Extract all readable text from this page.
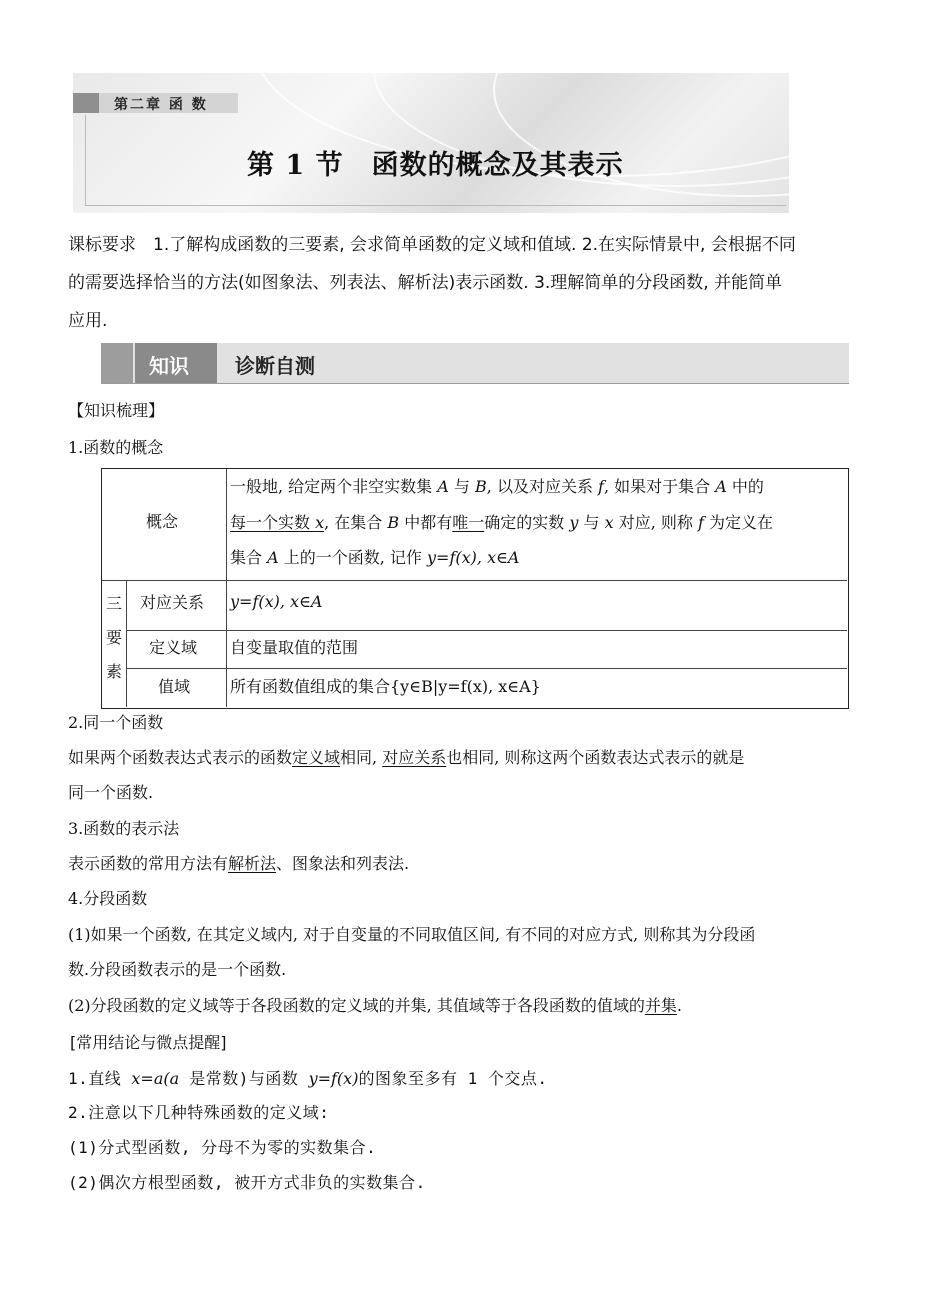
第二章 函 数
第 1 节　函数的概念及其表示

课标要求　1.了解构成函数的三要素, 会求简单函数的定义域和值域. 2.在实际情景中, 会根据不同

的需要选择恰当的方法(如图象法、列表法、解析法)表示函数. 3.理解简单的分段函数, 并能简单

应用.

知识 诊断自测
【知识梳理】
1.函数的概念
概念
一般地, 给定两个非空实数集 A 与 B, 以及对应关系 f, 如果对于集合 A 中的
每一个实数 x, 在集合 B 中都有唯一确定的实数 y 与 x 对应, 则称 f 为定义在
集合 A 上的一个函数, 记作 y=f(x), x∈A
三
要
素
对应关系 y=f(x), x∈A
定义域 自变量取值的范围
值域 所有函数值组成的集合{y∈B|y=f(x), x∈A}
2.同一个函数
如果两个函数表达式表示的函数定义域相同, 对应关系也相同, 则称这两个函数表达式表示的就是
同一个函数.
3.函数的表示法
表示函数的常用方法有解析法、图象法和列表法.
4.分段函数
(1)如果一个函数, 在其定义域内, 对于自变量的不同取值区间, 有不同的对应方式, 则称其为分段函
数.分段函数表示的是一个函数.
(2)分段函数的定义域等于各段函数的定义域的并集, 其值域等于各段函数的值域的并集.
[常用结论与微点提醒]
1.直线 x=a(a 是常数)与函数 y=f(x)的图象至多有 1 个交点.
2.注意以下几种特殊函数的定义域:
(1)分式型函数, 分母不为零的实数集合.
(2)偶次方根型函数, 被开方式非负的实数集合.
